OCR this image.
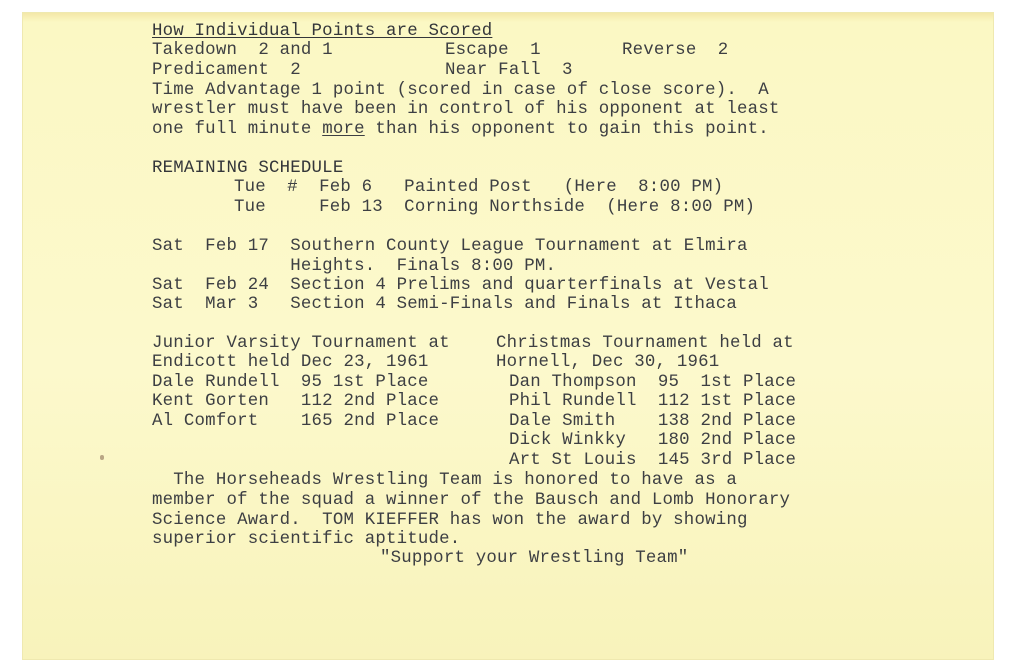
How Individual Points are Scored
Takedown  2 and 1	Escape  1	Reverse  2
Predicament  2	Near Fall  3
Time Advantage 1 point (scored in case of close score).  A
wrestler must have been in control of his opponent at least
one full minute more than his opponent to gain this point.
REMAINING SCHEDULE
Tue  #  Feb 6   Painted Post   (Here  8:00 PM)
Tue     Feb 13  Corning Northside  (Here 8:00 PM)
Sat  Feb 17  Southern County League Tournament at Elmira
Heights.  Finals 8:00 PM.
Sat  Feb 24  Section 4 Prelims and quarterfinals at Vestal
Sat  Mar 3   Section 4 Semi-Finals and Finals at Ithaca
Junior Varsity Tournament at
Endicott held Dec 23, 1961
Dale Rundell  95 1st Place
Kent Gorten   112 2nd Place
Al Comfort    165 2nd Place
Christmas Tournament held at
Hornell, Dec 30, 1961
Dan Thompson  95  1st Place
Phil Rundell  112 1st Place
Dale Smith    138 2nd Place
Dick Winkky   180 2nd Place
Art St Louis  145 3rd Place
The Horseheads Wrestling Team is honored to have as a
member of the squad a winner of the Bausch and Lomb Honorary
Science Award.  TOM KIEFFER has won the award by showing
superior scientific aptitude.
"Support your Wrestling Team"
